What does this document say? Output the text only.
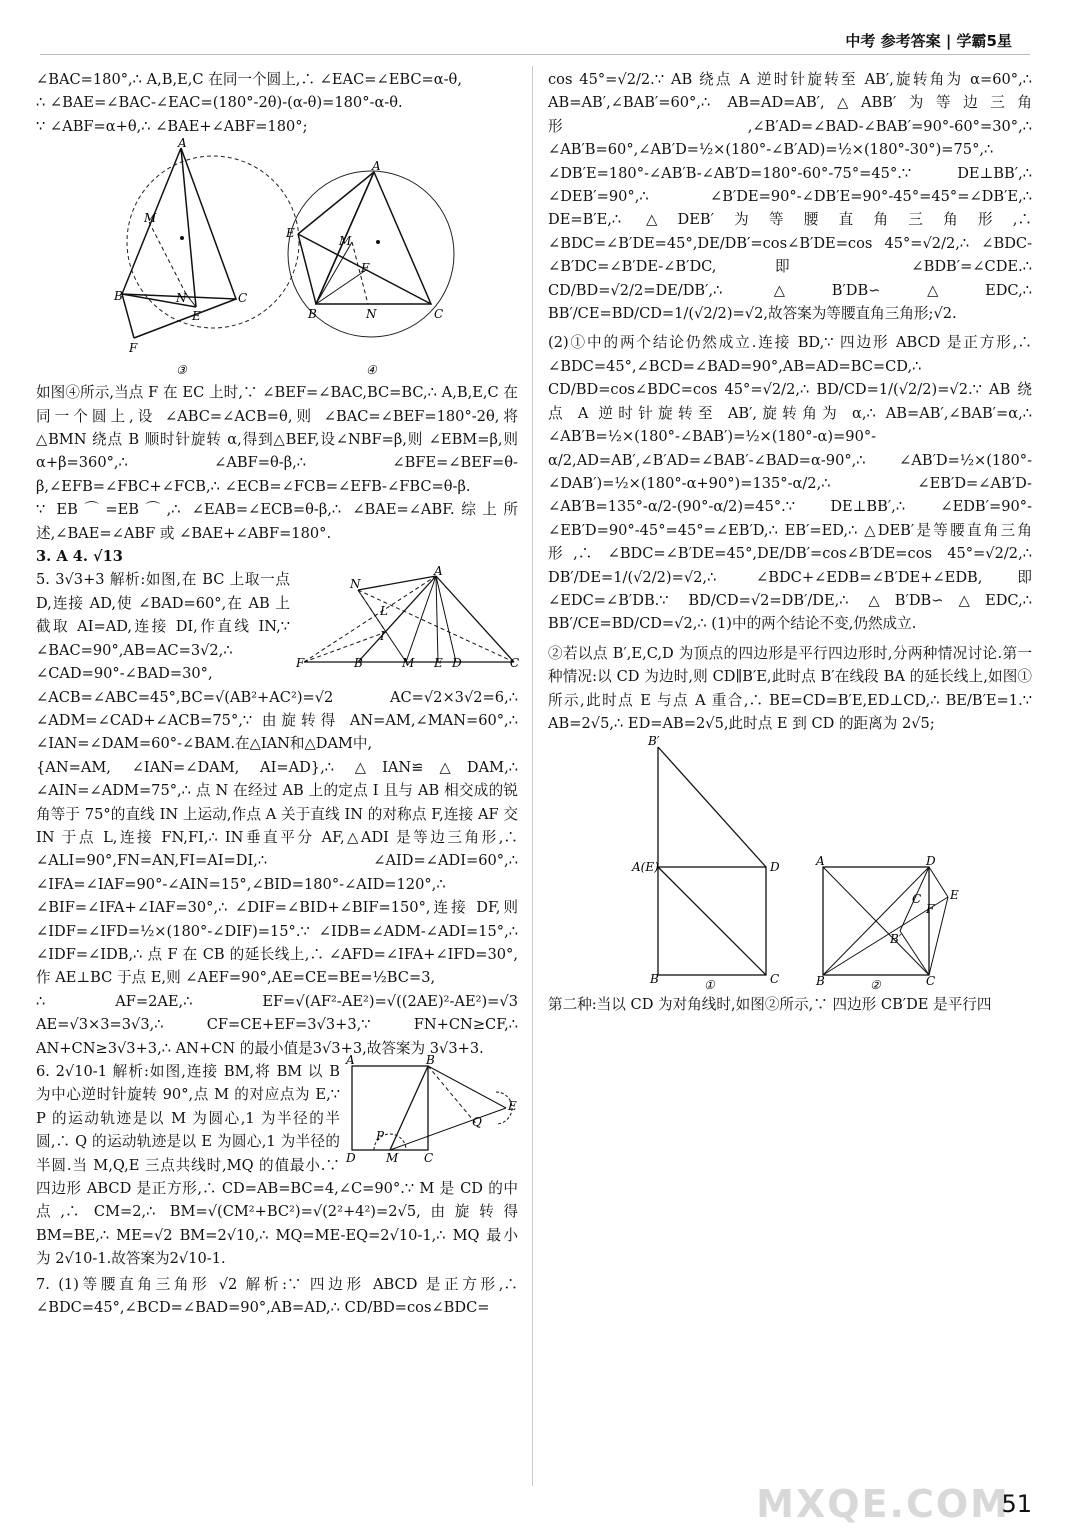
中考 参考答案 | 学霸5星

∠BAC=180°,∴ A,B,E,C 在同一个圆上,∴ ∠EAC=∠EBC=α-θ,

∴ ∠BAE=∠BAC-∠EAC=(180°-2θ)-(α-θ)=180°-α-θ.

∵ ∠ABF=α+θ,∴ ∠BAE+∠ABF=180°;

A
M
B	C
N
E
F
③
A
E
M
F
B	C
N
④

如图④所示,当点 F 在 EC 上时,∵ ∠BEF=∠BAC,BC=BC,∴ A,B,E,C 在同一个圆上,设 ∠ABC=∠ACB=θ,则 ∠BAC=∠BEF=180°-2θ,将△BMN 绕点 B 顺时针旋转 α,得到△BEF,设∠NBF=β,则 ∠EBM=β,则 α+β=360°,∴ ∠ABF=θ-β,∴ ∠BFE=∠BEF=θ-β,∠EFB=∠FBC+∠FCB,∴ ∠ECB=∠FCB=∠EFB-∠FBC=θ-β.

∵ EB⌒=EB⌒,∴ ∠EAB=∠ECB=θ-β,∴ ∠BAE=∠ABF.综上所述,∠BAE=∠ABF 或 ∠BAE+∠ABF=180°.

3. A 4. √13

A
N
L
I
F	B	M E D	C

5. 3√3+3 解析:如图,在 BC 上取一点 D,连接 AD,使 ∠BAD=60°,在 AB 上截取 AI=AD,连接 DI,作直线 IN,∵ ∠BAC=90°,AB=AC=3√2,∴ ∠CAD=90°-∠BAD=30°,

∠ACB=∠ABC=45°,BC=√(AB²+AC²)=√2 AC=√2×3√2=6,∴ ∠ADM=∠CAD+∠ACB=75°,∵ 由旋转得 AN=AM,∠MAN=60°,∴ ∠IAN=∠DAM=60°-∠BAM.在△IAN和△DAM中,

{AN=AM, ∠IAN=∠DAM, AI=AD},∴ △IAN≌△DAM,∴ ∠AIN=∠ADM=75°,∴ 点 N 在经过 AB 上的定点 I 且与 AB 相交成的锐角等于 75°的直线 IN 上运动,作点 A 关于直线 IN 的对称点 F,连接 AF 交 IN 于点 L,连接 FN,FI,∴ IN垂直平分 AF,△ADI 是等边三角形,∴ ∠ALI=90°,FN=AN,FI=AI=DI,∴ ∠AID=∠ADI=60°,∴ ∠IFA=∠IAF=90°-∠AIN=15°,∠BID=180°-∠AID=120°,∴ ∠BIF=∠IFA+∠IAF=30°,∴ ∠DIF=∠BID+∠BIF=150°,连接 DF,则 ∠IDF=∠IFD=½×(180°-∠DIF)=15°.∵ ∠IDB=∠ADM-∠ADI=15°,∴ ∠IDF=∠IDB,∴ 点 F 在 CB 的延长线上,∴ ∠AFD=∠IFA+∠IFD=30°,作 AE⊥BC 于点 E,则 ∠AEF=90°,AE=CE=BE=½BC=3,

∴ AF=2AE,∴ EF=√(AF²-AE²)=√((2AE)²-AE²)=√3 AE=√3×3=3√3,∴ CF=CE+EF=3√3+3,∵ FN+CN≥CF,∴ AN+CN≥3√3+3,∴ AN+CN 的最小值是3√3+3,故答案为 3√3+3.

A	B
P
Q
E
D	M C

6. 2√10-1 解析:如图,连接 BM,将 BM 以 B 为中心逆时针旋转 90°,点 M 的对应点为 E,∵ P 的运动轨迹是以 M 为圆心,1 为半径的半圆,∴ Q 的运动轨迹是以 E 为圆心,1 为半径的半圆.当 M,Q,E 三点共线时,MQ 的值最小.∵ 四边形 ABCD 是正方形,∴ CD=AB=BC=4,∠C=90°.∵ M 是 CD 的中点,∴ CM=2,∴ BM=√(CM²+BC²)=√(2²+4²)=2√5,由旋转得 BM=BE,∴ ME=√2 BM=2√10,∴ MQ=ME-EQ=2√10-1,∴ MQ 最小为 2√10-1.故答案为2√10-1.

7. (1)等腰直角三角形 √2 解析:∵ 四边形 ABCD 是正方形,∴ ∠BDC=45°,∠BCD=∠BAD=90°,AB=AD,∴ CD/BD=cos∠BDC=

cos 45°=√2/2.∵ AB 绕点 A 逆时针旋转至 AB′,旋转角为 α=60°,∴ AB=AB′,∠BAB′=60°,∴ AB=AD=AB′,△ABB′为等边三角形,∠B′AD=∠BAD-∠BAB′=90°-60°=30°,∴ ∠AB′B=60°,∠AB′D=½×(180°-∠B′AD)=½×(180°-30°)=75°,∴ ∠DB′E=180°-∠AB′B-∠AB′D=180°-60°-75°=45°.∵ DE⊥BB′,∴ ∠DEB′=90°,∴ ∠B′DE=90°-∠DB′E=90°-45°=45°=∠DB′E,∴ DE=B′E,∴ △DEB′为等腰直角三角形,∴ ∠BDC=∠B′DE=45°,DE/DB′=cos∠B′DE=cos 45°=√2/2,∴ ∠BDC-∠B′DC=∠B′DE-∠B′DC,即 ∠BDB′=∠CDE.∴ CD/BD=√2/2=DE/DB′,∴ △B′DB∽△EDC,∴ BB′/CE=BD/CD=1/(√2/2)=√2,故答案为等腰直角三角形;√2.

(2)①中的两个结论仍然成立.连接 BD,∵ 四边形 ABCD 是正方形,∴ ∠BDC=45°,∠BCD=∠BAD=90°,AB=AD=BC=CD,∴ CD/BD=cos∠BDC=cos 45°=√2/2,∴ BD/CD=1/(√2/2)=√2.∵ AB 绕点 A 逆时针旋转至 AB′,旋转角为 α,∴ AB=AB′,∠BAB′=α,∴ ∠AB′B=½×(180°-∠BAB′)=½×(180°-α)=90°-α/2,AD=AB′,∠B′AD=∠BAB′-∠BAD=α-90°,∴ ∠AB′D=½×(180°-∠DAB′)=½×(180°-α+90°)=135°-α/2,∴ ∠EB′D=∠AB′D-∠AB′B=135°-α/2-(90°-α/2)=45°.∵ DE⊥BB′,∴ ∠EDB′=90°-∠EB′D=90°-45°=45°=∠EB′D,∴ EB′=ED,∴ △DEB′是等腰直角三角形,∴ ∠BDC=∠B′DE=45°,DE/DB′=cos∠B′DE=cos 45°=√2/2,∴ DB′/DE=1/(√2/2)=√2,∴ ∠BDC+∠EDB=∠B′DE+∠EDB,即 ∠EDC=∠B′DB.∵ BD/CD=√2=DB′/DE,∴ △B′DB∽△EDC,∴ BB′/CE=BD/CD=√2,∴ (1)中的两个结论不变,仍然成立.

②若以点 B′,E,C,D 为顶点的四边形是平行四边形时,分两种情况讨论.第一种情况:以 CD 为边时,则 CD∥B′E,此时点 B′在线段 BA 的延长线上,如图①所示,此时点 E 与点 A 重合,∴ BE=CD=B′E,ED⊥CD,∴ BE/B′E=1.∵ AB=2√5,∴ ED=AB=2√5,此时点 E 到 CD 的距离为 2√5;

B′
A(E)	D
B	C
①
A	D
E
C
F
B′
B	C
②

第二种:当以 CD 为对角线时,如图②所示,∵ 四边形 CB′DE 是平行四

MXQE.COM
51
